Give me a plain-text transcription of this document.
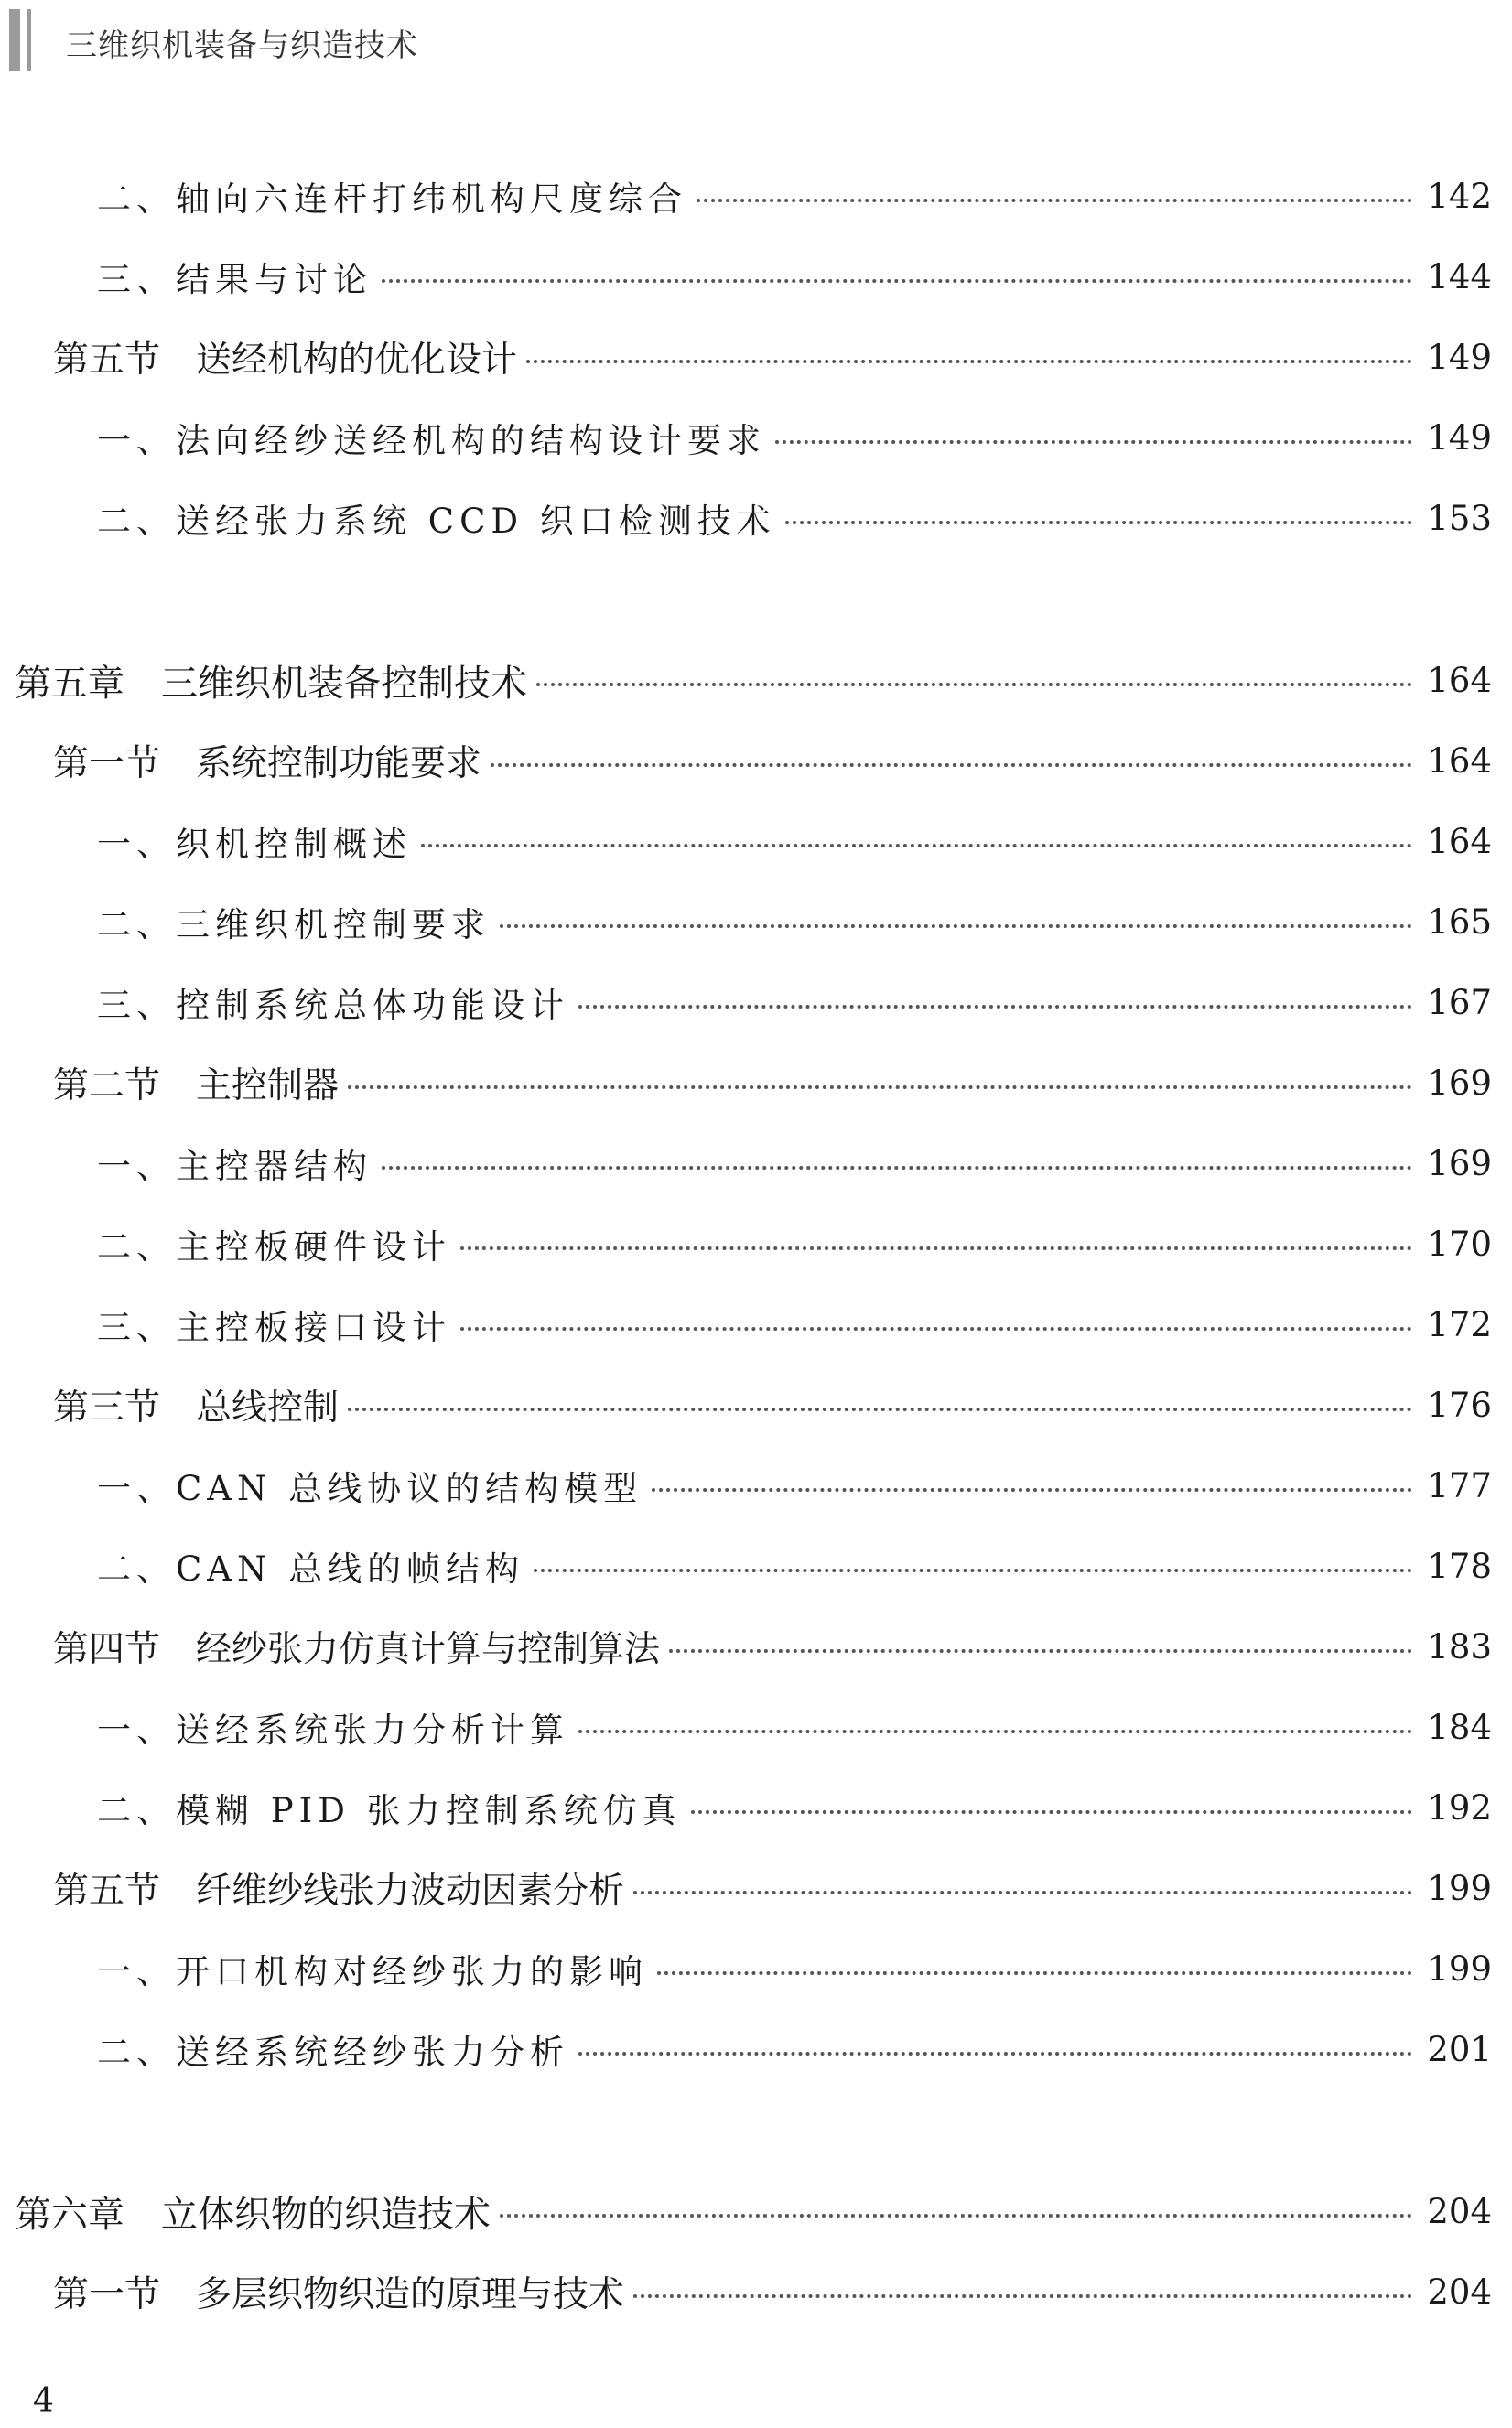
三维织机装备与织造技术
二、轴向六连杆打纬机构尺度综合	142
三、结果与讨论	144
第五节　送经机构的优化设计	149
一、法向经纱送经机构的结构设计要求	149
二、送经张力系统 CCD 织口检测技术	153
第五章　三维织机装备控制技术	164
第一节　系统控制功能要求	164
一、织机控制概述	164
二、三维织机控制要求	165
三、控制系统总体功能设计	167
第二节　主控制器	169
一、主控器结构	169
二、主控板硬件设计	170
三、主控板接口设计	172
第三节　总线控制	176
一、CAN 总线协议的结构模型	177
二、CAN 总线的帧结构	178
第四节　经纱张力仿真计算与控制算法	183
一、送经系统张力分析计算	184
二、模糊 PID 张力控制系统仿真	192
第五节　纤维纱线张力波动因素分析	199
一、开口机构对经纱张力的影响	199
二、送经系统经纱张力分析	201
第六章　立体织物的织造技术	204
第一节　多层织物织造的原理与技术	204
4
